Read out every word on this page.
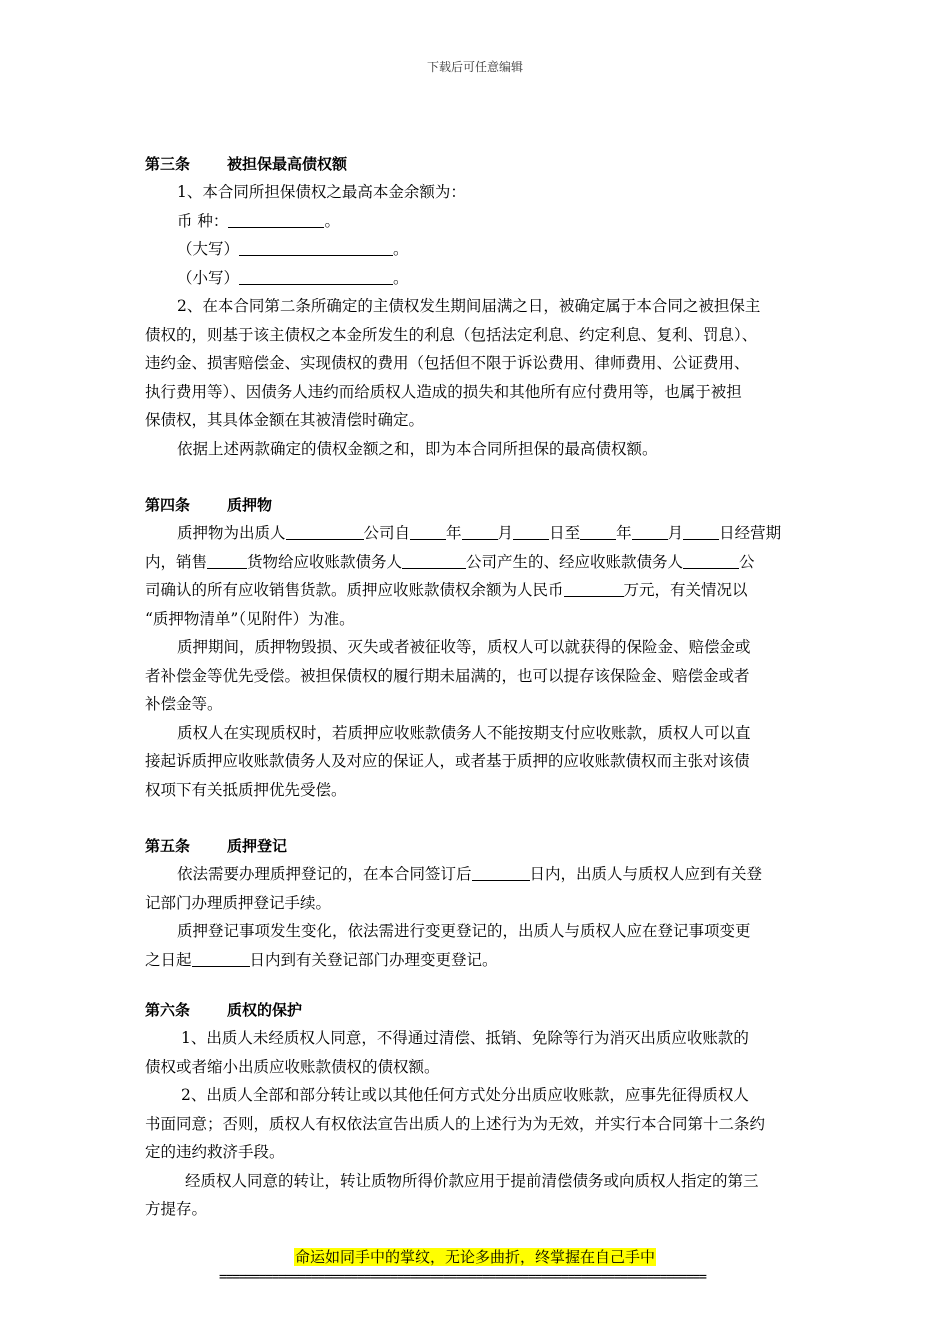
下载后可任意编辑
第三条 被担保最高债权额
1、本合同所担保债权之最高本金余额为：
币 种：	。
（大写）	。
（小写）	。
2、在本合同第二条所确定的主债权发生期间届满之日，被确定属于本合同之被担保主
债权的，则基于该主债权之本金所发生的利息（包括法定利息、约定利息、复利、罚息）、
违约金、损害赔偿金、实现债权的费用（包括但不限于诉讼费用、律师费用、公证费用、
执行费用等）、因债务人违约而给质权人造成的损失和其他所有应付费用等，也属于被担
保债权，其具体金额在其被清偿时确定。
依据上述两款确定的债权金额之和，即为本合同所担保的最高债权额。
第四条 质押物
质押物为出质人	公司自 年 月 日至 年 月 日经营期
内，销售	货物给应收账款债务人	公司产生的、经应收账款债务人	公
司确认的所有应收销售货款。质押应收账款债权余额为人民币	万元，有关情况以
“质押物清单”（见附件）为准。
质押期间，质押物毁损、灭失或者被征收等，质权人可以就获得的保险金、赔偿金或
者补偿金等优先受偿。被担保债权的履行期未届满的，也可以提存该保险金、赔偿金或者
补偿金等。
质权人在实现质权时，若质押应收账款债务人不能按期支付应收账款，质权人可以直
接起诉质押应收账款债务人及对应的保证人，或者基于质押的应收账款债权而主张对该债
权项下有关抵质押优先受偿。
第五条 质押登记
依法需要办理质押登记的，在本合同签订后	日内，出质人与质权人应到有关登
记部门办理质押登记手续。
质押登记事项发生变化，依法需进行变更登记的，出质人与质权人应在登记事项变更
之日起	日内到有关登记部门办理变更登记。
第六条 质权的保护
1、出质人未经质权人同意，不得通过清偿、抵销、免除等行为消灭出质应收账款的
债权或者缩小出质应收账款债权的债权额。
2、出质人全部和部分转让或以其他任何方式处分出质应收账款，应事先征得质权人
书面同意；否则，质权人有权依法宣告出质人的上述行为为无效，并实行本合同第十二条约
定的违约救济手段。
经质权人同意的转让，转让质物所得价款应用于提前清偿债务或向质权人指定的第三
方提存。
命运如同手中的掌纹，无论多曲折，终掌握在自己手中
==========================================================================
